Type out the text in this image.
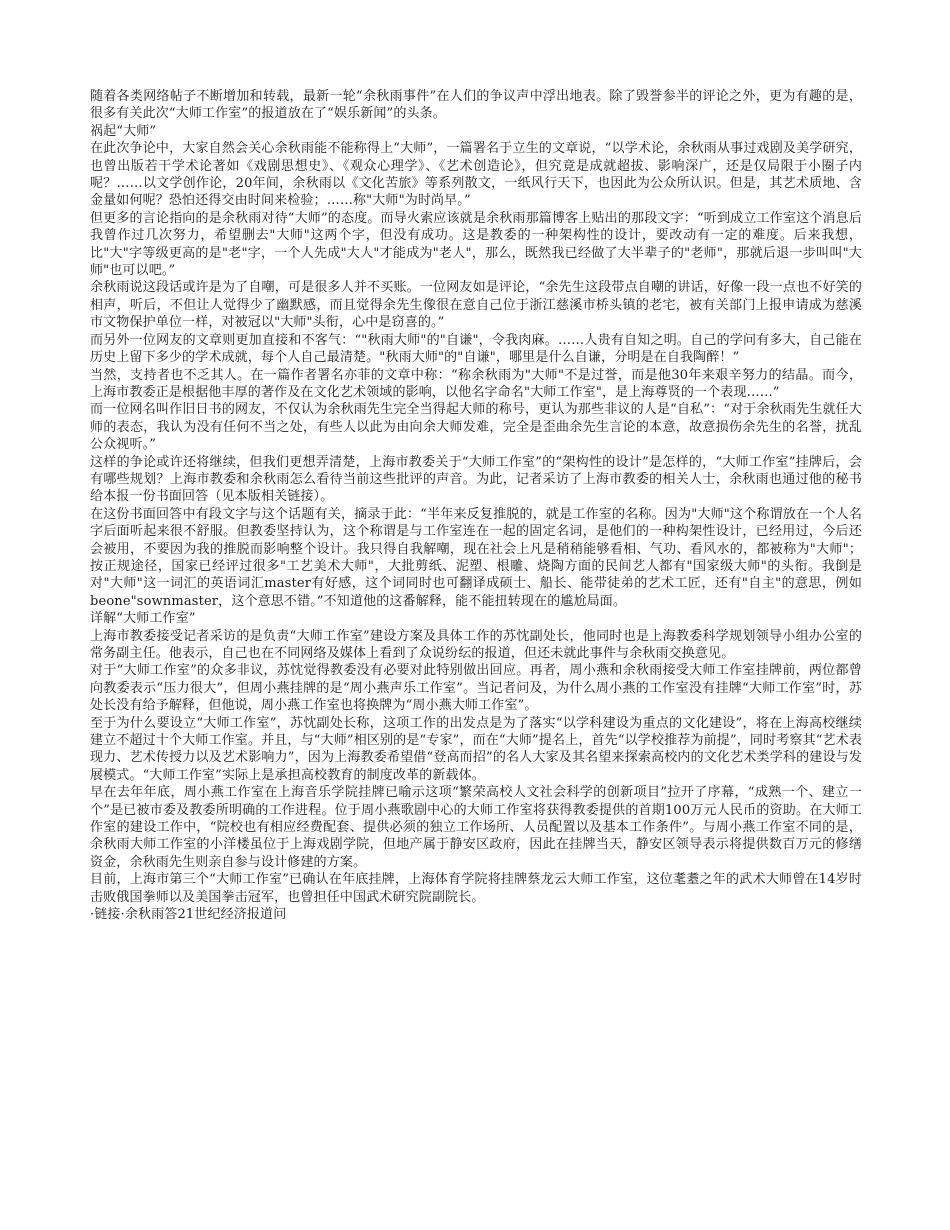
随着各类网络帖子不断增加和转载，最新一轮“余秋雨事件”在人们的争议声中浮出地表。除了毁誉参半的评论之外，更为有趣的是，很多有关此次“大师工作室”的报道放在了“娱乐新闻”的头条。

祸起“大师”

在此次争论中，大家自然会关心余秋雨能不能称得上“大师”，一篇署名于立生的文章说，“以学术论，余秋雨从事过戏剧及美学研究，也曾出版若干学术论著如《戏剧思想史》、《观众心理学》、《艺术创造论》，但究竟是成就超拔、影响深广，还是仅局限于小圈子内呢？……以文学创作论，20年间，余秋雨以《文化苦旅》等系列散文，一纸风行天下，也因此为公众所认识。但是，其艺术质地、含金量如何呢？恐怕还得交由时间来检验；……称"大师"为时尚早。”

但更多的言论指向的是余秋雨对待“大师”的态度。而导火索应该就是余秋雨那篇博客上贴出的那段文字：“听到成立工作室这个消息后我曾作过几次努力，希望删去"大师"这两个字，但没有成功。这是教委的一种架构性的设计，要改动有一定的难度。后来我想，比"大"字等级更高的是"老"字，一个人先成"大人"才能成为"老人"，那么，既然我已经做了大半辈子的"老师"，那就后退一步叫叫"大师"也可以吧。”

余秋雨说这段话或许是为了自嘲，可是很多人并不买账。一位网友如是评论，“余先生这段带点自嘲的讲话，好像一段一点也不好笑的相声，听后，不但让人觉得少了幽默感，而且觉得余先生像很在意自己位于浙江慈溪市桥头镇的老宅，被有关部门上报申请成为慈溪市文物保护单位一样，对被冠以"大师"头衔，心中是窃喜的。”

而另外一位网友的文章则更加直接和不客气：“"秋雨大师"的"自谦"，令我肉麻。……人贵有自知之明。自己的学问有多大，自己能在历史上留下多少的学术成就，每个人自己最清楚。"秋雨大师"的"自谦"，哪里是什么自谦，分明是在自我陶醉！”

当然，支持者也不乏其人。在一篇作者署名亦菲的文章中称：“称余秋雨为"大师"不是过誉，而是他30年来艰辛努力的结晶。而今，上海市教委正是根据他丰厚的著作及在文化艺术领域的影响，以他名字命名"大师工作室"，是上海尊贤的一个表现……”

而一位网名叫作旧日书的网友，不仅认为余秋雨先生完全当得起大师的称号，更认为那些非议的人是“自私”：“对于余秋雨先生就任大师的表态，我认为没有任何不当之处，有些人以此为由向余大师发难，完全是歪曲余先生言论的本意，故意损伤余先生的名誉，扰乱公众视听。”

这样的争论或许还将继续，但我们更想弄清楚，上海市教委关于“大师工作室”的“架构性的设计”是怎样的，“大师工作室”挂牌后，会有哪些规划？上海市教委和余秋雨怎么看待当前这些批评的声音。为此，记者采访了上海市教委的相关人士，余秋雨也通过他的秘书给本报一份书面回答（见本版相关链接）。

在这份书面回答中有段文字与这个话题有关，摘录于此：“半年来反复推脱的，就是工作室的名称。因为"大师"这个称谓放在一个人名字后面听起来很不舒服。但教委坚持认为，这个称谓是与工作室连在一起的固定名词，是他们的一种构架性设计，已经用过，今后还会被用，不要因为我的推脱而影响整个设计。我只得自我解嘲，现在社会上凡是稍稍能够看相、气功、看风水的，都被称为"大师"；按正规途径，国家已经评过很多"工艺美术大师"，大批剪纸、泥塑、根雕、烧陶方面的民间艺人都有"国家级大师"的头衔。我倒是对"大师"这一词汇的英语词汇master有好感，这个词同时也可翻译成硕士、船长、能带徒弟的艺术工匠，还有"自主"的意思，例如beone"sownmaster，这个意思不错。”不知道他的这番解释，能不能扭转现在的尴尬局面。

详解“大师工作室”

上海市教委接受记者采访的是负责“大师工作室”建设方案及具体工作的苏忱副处长，他同时也是上海教委科学规划领导小组办公室的常务副主任。他表示，自己也在不同网络及媒体上看到了众说纷纭的报道，但还未就此事件与余秋雨交换意见。

对于“大师工作室”的众多非议，苏忱觉得教委没有必要对此特别做出回应。再者，周小燕和余秋雨接受大师工作室挂牌前，两位都曾向教委表示“压力很大”，但周小燕挂牌的是“周小燕声乐工作室”。当记者问及，为什么周小燕的工作室没有挂牌“大师工作室”时，苏处长没有给予解释，但他说，周小燕工作室也将换牌为“周小燕大师工作室”。

至于为什么要设立“大师工作室”，苏忱副处长称，这项工作的出发点是为了落实“以学科建设为重点的文化建设”，将在上海高校继续建立不超过十个大师工作室。并且，与“大师”相区别的是“专家”，而在“大师”提名上，首先“以学校推荐为前提”，同时考察其“艺术表现力、艺术传授力以及艺术影响力”，因为上海教委希望借“登高而招”的名人大家及其名望来探索高校内的文化艺术类学科的建设与发展模式。“大师工作室”实际上是承担高校教育的制度改革的新载体。

早在去年年底，周小燕工作室在上海音乐学院挂牌已喻示这项“繁荣高校人文社会科学的创新项目”拉开了序幕，“成熟一个、建立一个”是已被市委及教委所明确的工作进程。位于周小燕歌剧中心的大师工作室将获得教委提供的首期100万元人民币的资助。在大师工作室的建设工作中，“院校也有相应经费配套、提供必须的独立工作场所、人员配置以及基本工作条件”。与周小燕工作室不同的是，余秋雨大师工作室的小洋楼虽位于上海戏剧学院，但地产属于静安区政府，因此在挂牌当天，静安区领导表示将提供数百万元的修缮资金，余秋雨先生则亲自参与设计修建的方案。

目前，上海市第三个“大师工作室”已确认在年底挂牌，上海体育学院将挂牌蔡龙云大师工作室，这位耄耋之年的武术大师曾在14岁时击败俄国拳师以及美国拳击冠军，也曾担任中国武术研究院副院长。

·链接·余秋雨答21世纪经济报道问
